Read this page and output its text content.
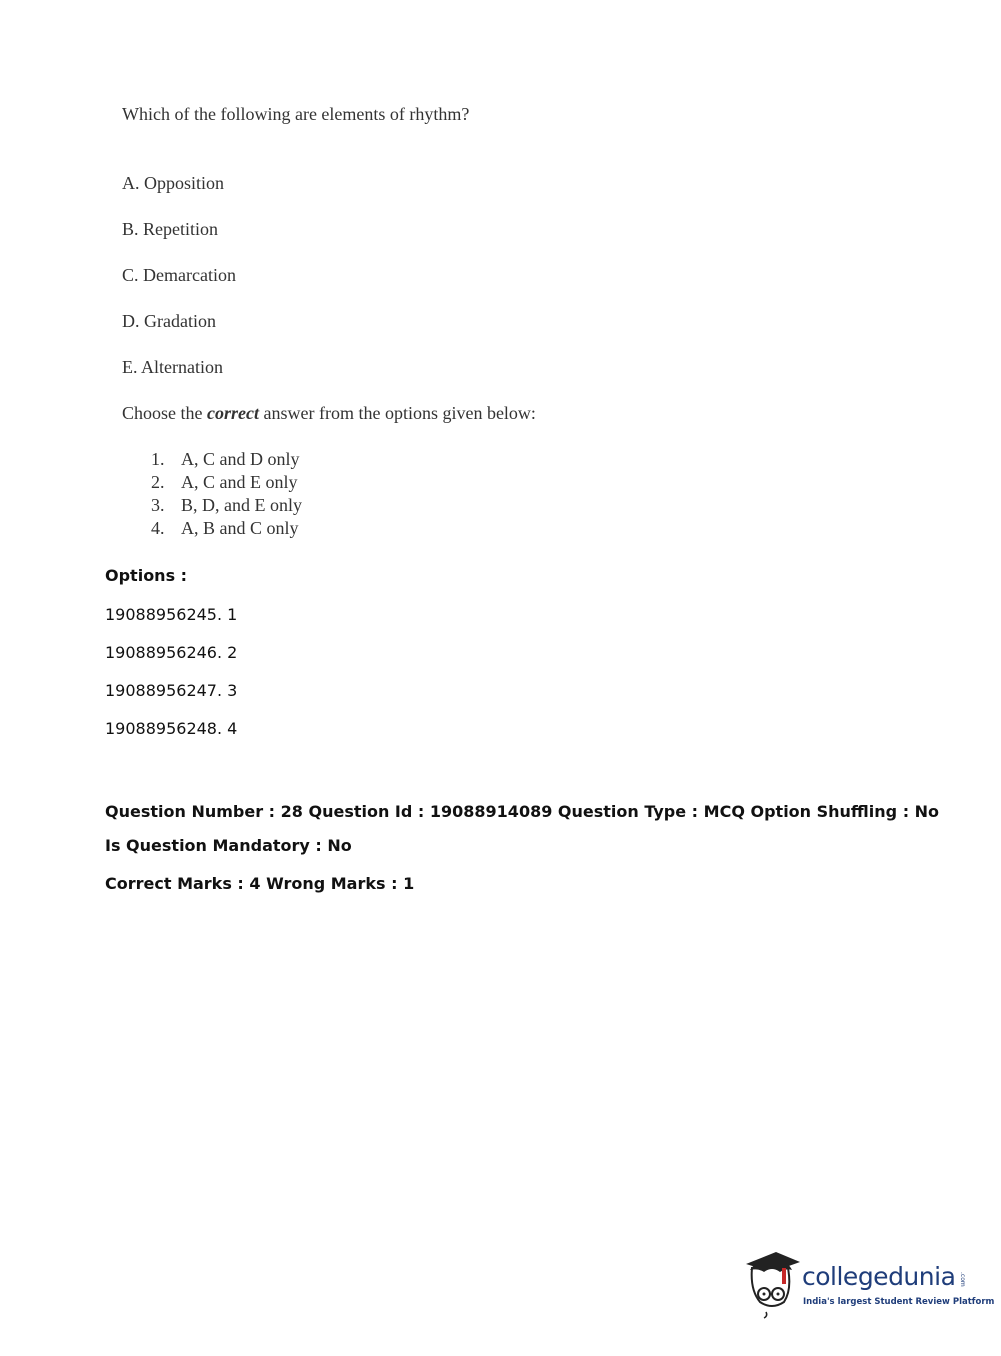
Which of the following are elements of rhythm?
A. Opposition
B. Repetition
C. Demarcation
D. Gradation
E. Alternation
Choose the correct answer from the options given below:
1. A, C and D only
2. A, C and E only
3. B, D, and E only
4. A, B and C only
Options :
19088956245. 1
19088956246. 2
19088956247. 3
19088956248. 4
Question Number : 28 Question Id : 19088914089 Question Type : MCQ Option Shuffling : No
Is Question Mandatory : No
Correct Marks : 4 Wrong Marks : 1
collegedunia .com
India's largest Student Review Platform
